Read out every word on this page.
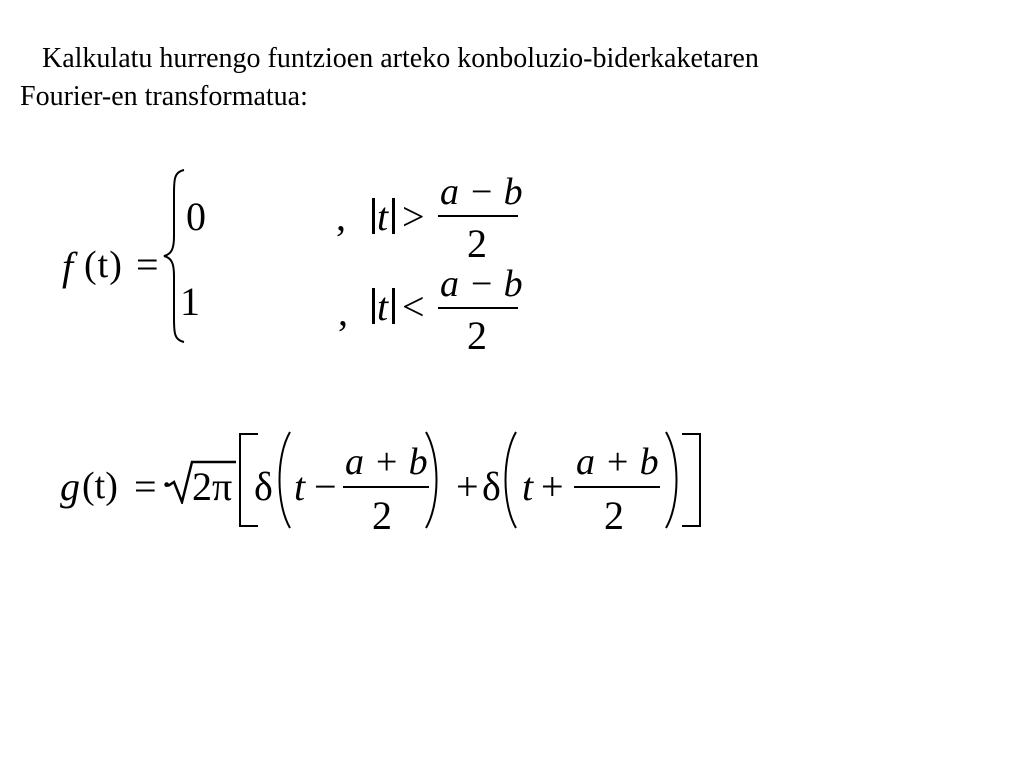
Kalkulatu hurrengo funtzioen arteko konboluzio-biderkaketaren
Fourier-en transformatua:
f (t) =
0	, t >
a − b
2
1	, t < a − b
2
g (t) = · 2π δ t −
a + b
2
+ δ t +
a + b
2
